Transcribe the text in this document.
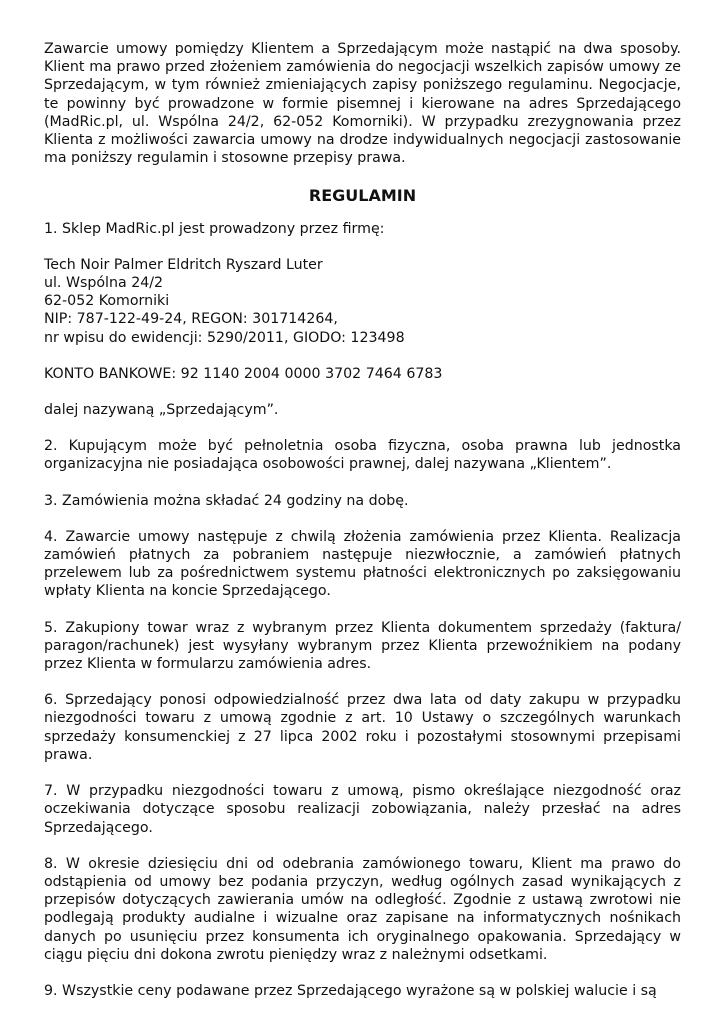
Zawarcie umowy pomiędzy Klientem a Sprzedającym może nastąpić na dwa sposoby. Klient ma prawo przed złożeniem zamówienia do negocjacji wszelkich zapisów umowy ze Sprzedającym, w tym również zmieniających zapisy poniższego regulaminu. Negocjacje, te powinny być prowadzone w formie pisemnej i kierowane na adres Sprzedającego (MadRic.pl, ul. Wspólna 24/2, 62-052 Komorniki). W przypadku zrezygnowania przez Klienta z możliwości zawarcia umowy na drodze indywidualnych negocjacji zastosowanie ma poniższy regulamin i stosowne przepisy prawa.

REGULAMIN

1. Sklep MadRic.pl jest prowadzony przez firmę:

Tech Noir Palmer Eldritch Ryszard Luter

ul. Wspólna 24/2

62-052 Komorniki

NIP: 787-122-49-24, REGON: 301714264,

nr wpisu do ewidencji: 5290/2011, GIODO: 123498

KONTO BANKOWE: 92 1140 2004 0000 3702 7464 6783

dalej nazywaną „Sprzedającym”.

2. Kupującym może być pełnoletnia osoba fizyczna, osoba prawna lub jednostka organizacyjna nie posiadająca osobowości prawnej, dalej nazywana „Klientem”.

3. Zamówienia można składać 24 godziny na dobę.

4. Zawarcie umowy następuje z chwilą złożenia zamówienia przez Klienta. Realizacja zamówień płatnych za pobraniem następuje niezwłocznie, a zamówień płatnych przelewem lub za pośrednictwem systemu płatności elektronicznych po zaksięgowaniu wpłaty Klienta na koncie Sprzedającego.

5. Zakupiony towar wraz z wybranym przez Klienta dokumentem sprzedaży (faktura/ paragon/rachunek) jest wysyłany wybranym przez Klienta przewoźnikiem na podany przez Klienta w formularzu zamówienia adres.

6. Sprzedający ponosi odpowiedzialność przez dwa lata od daty zakupu w przypadku niezgodności towaru z umową zgodnie z art. 10 Ustawy o szczególnych warunkach sprzedaży konsumenckiej z 27 lipca 2002 roku i pozostałymi stosownymi przepisami prawa.

7. W przypadku niezgodności towaru z umową, pismo określające niezgodność oraz oczekiwania dotyczące sposobu realizacji zobowiązania, należy przesłać na adres Sprzedającego.

8. W okresie dziesięciu dni od odebrania zamówionego towaru, Klient ma prawo do odstąpienia od umowy bez podania przyczyn, według ogólnych zasad wynikających z przepisów dotyczących zawierania umów na odległość. Zgodnie z ustawą zwrotowi nie podlegają produkty audialne i wizualne oraz zapisane na informatycznych nośnikach danych po usunięciu przez konsumenta ich oryginalnego opakowania. Sprzedający w ciągu pięciu dni dokona zwrotu pieniędzy wraz z należnymi odsetkami.

9. Wszystkie ceny podawane przez Sprzedającego wyrażone są w polskiej walucie i są
